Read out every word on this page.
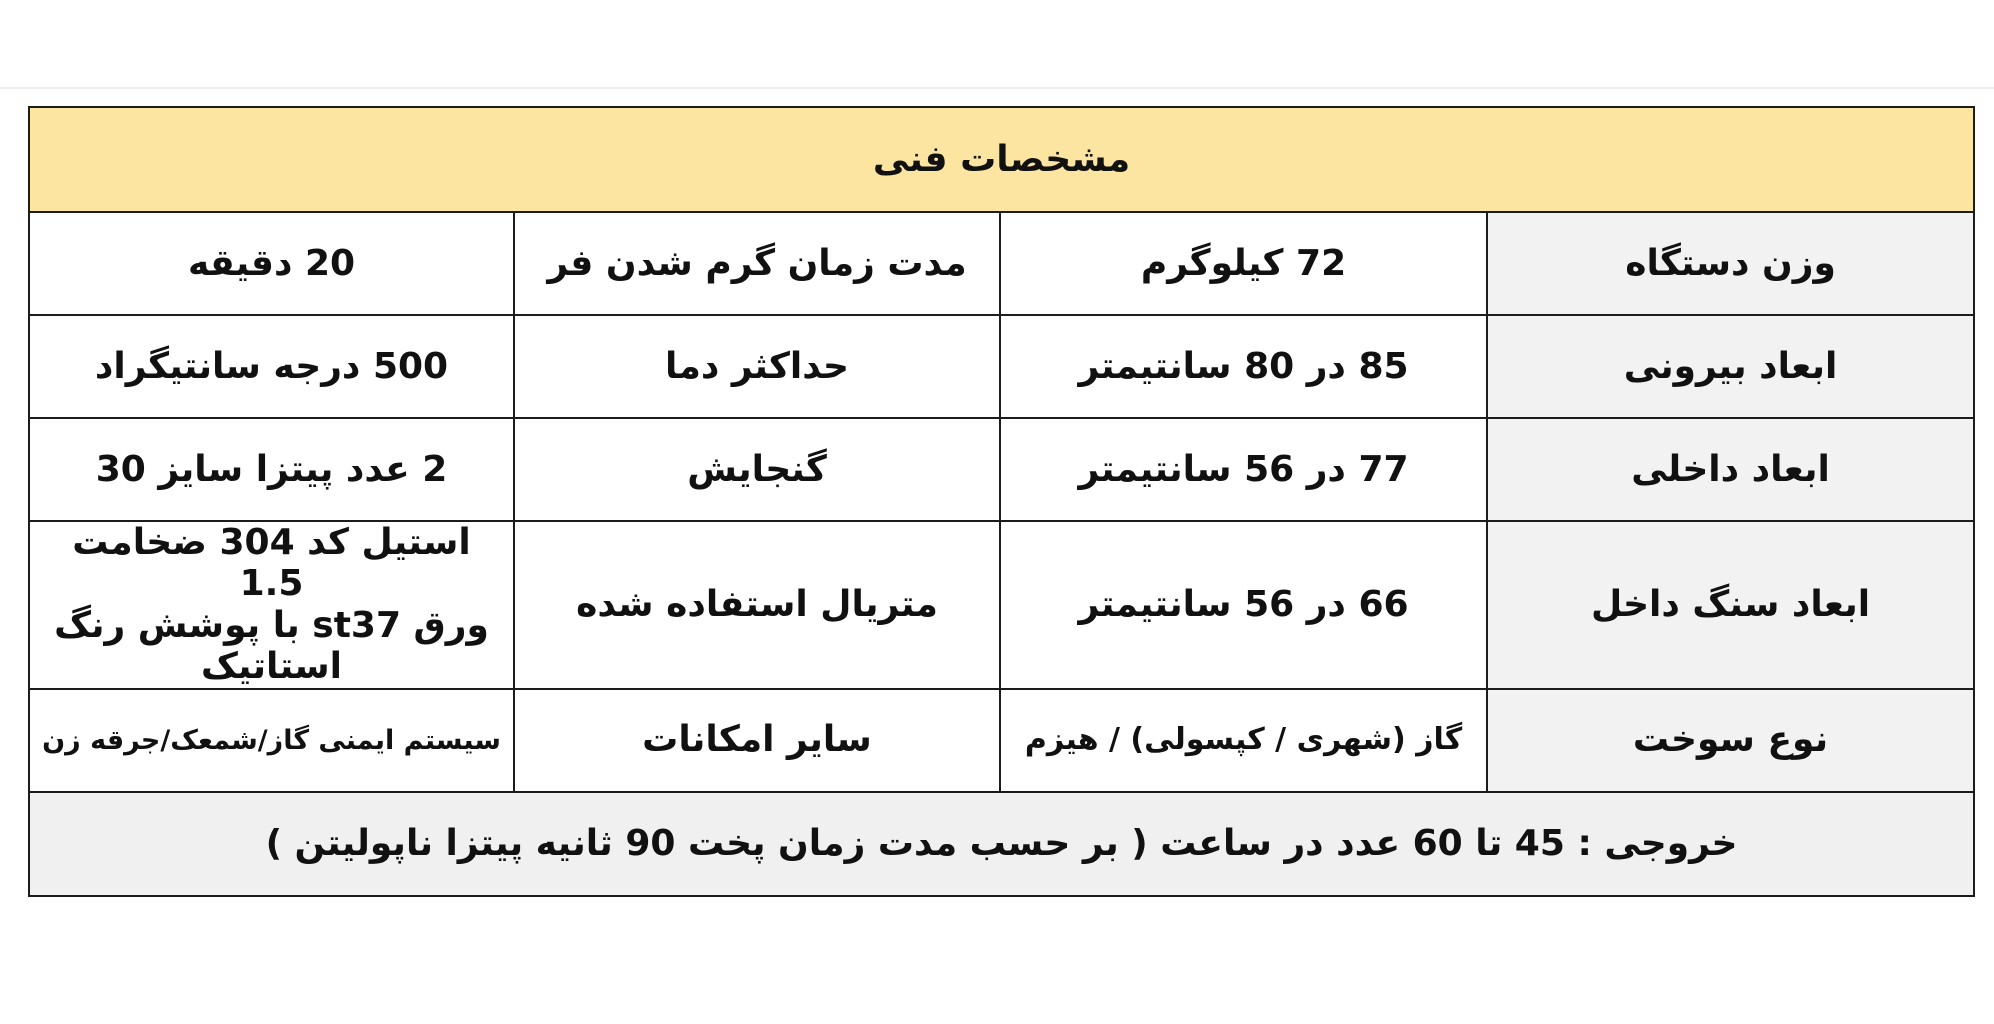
مشخصات فنی			
وزن دستگاه	72 کیلوگرم	مدت زمان گرم شدن فر	20 دقیقه
ابعاد بیرونی	85 در 80 سانتیمتر	حداکثر دما	500 درجه سانتیگراد
ابعاد داخلی	77 در 56 سانتیمتر	گنجایش	2 عدد پیتزا سایز 30
ابعاد سنگ داخل	66 در 56 سانتیمتر	متریال استفاده شده	استیل کد 304 ضخامت 1.5
ورق st37 با پوشش رنگ استاتیک

نوع سوخت	گاز (شهری / کپسولی) / هیزم	سایر امکانات	سیستم ایمنی گاز/شمعک/جرقه زن
خروجی : 45 تا 60 عدد در ساعت ( بر حسب مدت زمان پخت 90 ثانیه پیتزا ناپولیتن )			
